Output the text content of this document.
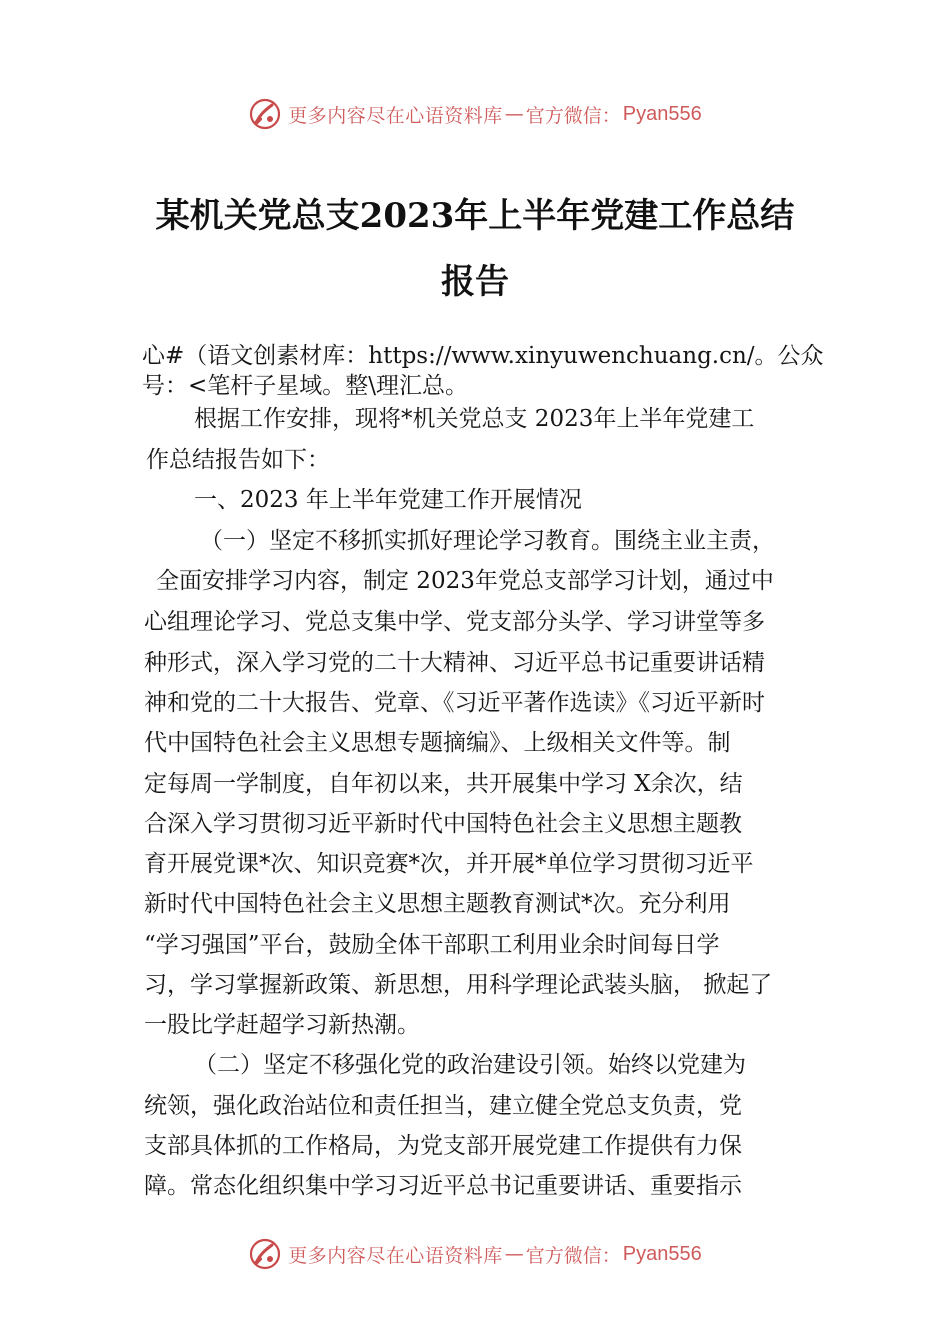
更多内容尽在心语资料库 — 官方微信： Pyan556
某机关党总支2023年上半年党建工作总结
报告
心#（语文创素材库：https://www.xinyuwenchuang.cn/。公众
号：<笔杆子星域。整\理汇总。
根据工作安排，现将*机关党总支 2023年上半年党建工
作总结报告如下：
一、2023 年上半年党建工作开展情况
（一）坚定不移抓实抓好理论学习教育。围绕主业主责，
全面安排学习内容，制定 2023年党总支部学习计划，通过中
心组理论学习、党总支集中学、党支部分头学、学习讲堂等多
种形式，深入学习党的二十大精神、习近平总书记重要讲话精
神和党的二十大报告、党章、《习近平著作选读》《习近平新时
代中国特色社会主义思想专题摘编》、上级相关文件等。制
定每周一学制度，自年初以来，共开展集中学习 X余次，结
合深入学习贯彻习近平新时代中国特色社会主义思想主题教
育开展党课*次、知识竞赛*次，并开展*单位学习贯彻习近平
新时代中国特色社会主义思想主题教育测试*次。充分利用
“学习强国”平台，鼓励全体干部职工利用业余时间每日学
习，学习掌握新政策、新思想，用科学理论武装头脑， 掀起了
一股比学赶超学习新热潮。
（二）坚定不移强化党的政治建设引领。始终以党建为
统领，强化政治站位和责任担当，建立健全党总支负责，党
支部具体抓的工作格局，为党支部开展党建工作提供有力保
障。常态化组织集中学习习近平总书记重要讲话、重要指示
更多内容尽在心语资料库 — 官方微信： Pyan556
